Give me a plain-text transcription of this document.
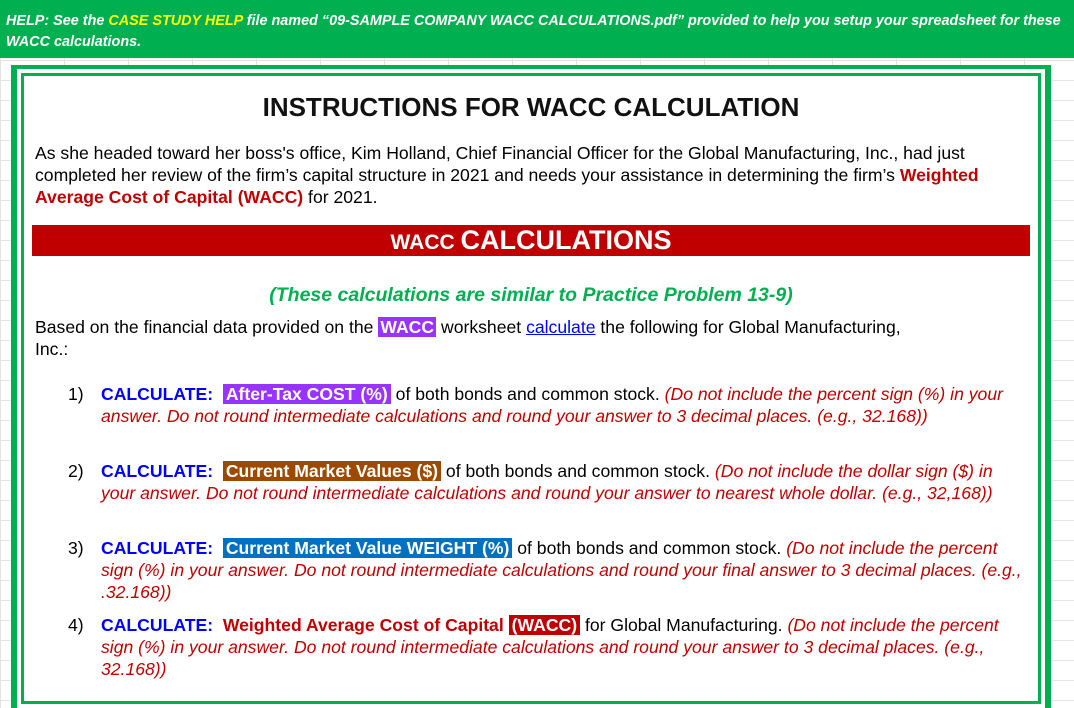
HELP: See the CASE STUDY HELP file named “09-SAMPLE COMPANY WACC CALCULATIONS.pdf” provided to help you setup your spreadsheet for these WACC calculations.
INSTRUCTIONS FOR WACC CALCULATION
As she headed toward her boss's office, Kim Holland, Chief Financial Officer for the Global Manufacturing, Inc., had just completed her review of the firm’s capital structure in 2021 and needs your assistance in determining the firm’s Weighted Average Cost of Capital (WACC) for 2021.
WACC CALCULATIONS
(These calculations are similar to Practice Problem 13-9)
Based on the financial data provided on the WACC worksheet calculate the following for Global Manufacturing, Inc.:
1) CALCULATE: After-Tax COST (%) of both bonds and common stock. (Do not include the percent sign (%) in your answer. Do not round intermediate calculations and round your answer to 3 decimal places. (e.g., 32.168))
2) CALCULATE: Current Market Values ($) of both bonds and common stock. (Do not include the dollar sign ($) in your answer. Do not round intermediate calculations and round your answer to nearest whole dollar. (e.g., 32,168))
3) CALCULATE: Current Market Value WEIGHT (%) of both bonds and common stock. (Do not include the percent sign (%) in your answer. Do not round intermediate calculations and round your final answer to 3 decimal places. (e.g., .32.168))
4) CALCULATE: Weighted Average Cost of Capital (WACC) for Global Manufacturing. (Do not include the percent sign (%) in your answer. Do not round intermediate calculations and round your answer to 3 decimal places. (e.g., 32.168))
